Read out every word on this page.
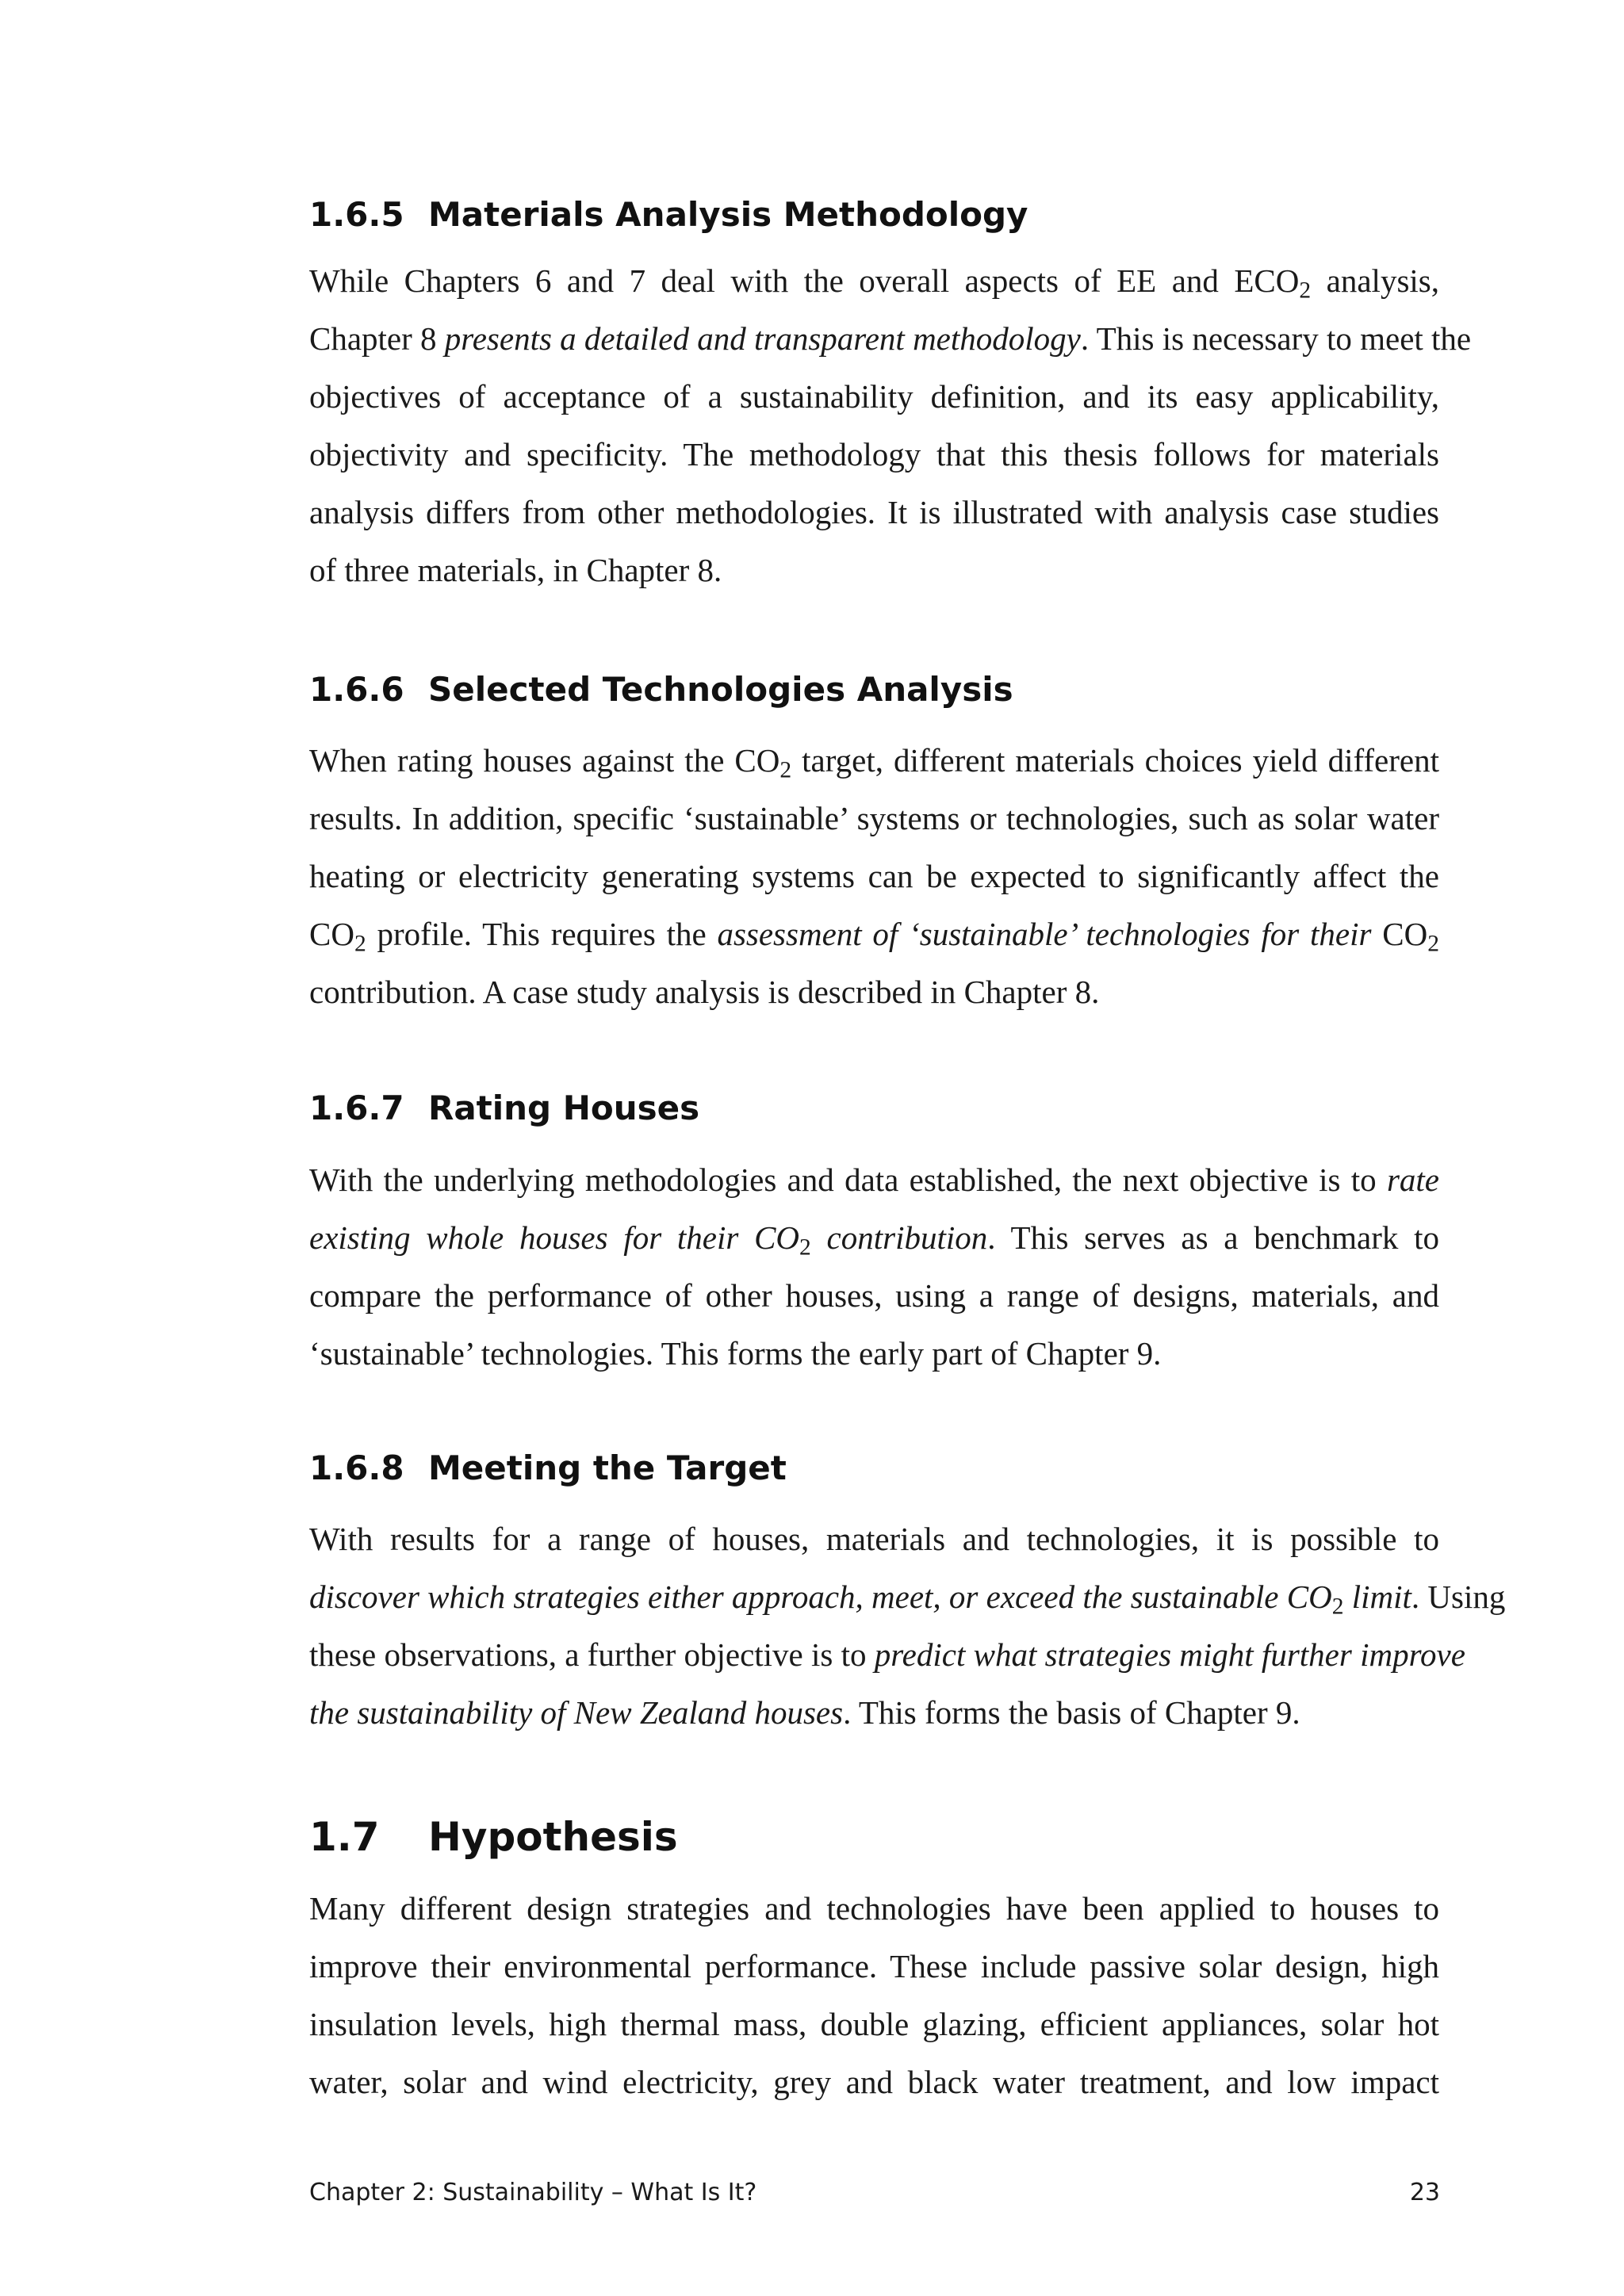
1.6.5 Materials Analysis Methodology
While Chapters 6 and 7 deal with the overall aspects of EE and $ECO_2$ analysis,
Chapter 8 presents a detailed and transparent methodology. This is necessary to meet the
objectives of acceptance of a sustainability definition, and its easy applicability,
objectivity and specificity. The methodology that this thesis follows for materials
analysis differs from other methodologies. It is illustrated with analysis case studies
of three materials, in Chapter 8.
1.6.6 Selected Technologies Analysis
When rating houses against the $CO_2$ target, different materials choices yield different
results. In addition, specific ‘sustainable’ systems or technologies, such as solar water
heating or electricity generating systems can be expected to significantly affect the
$CO_2$ profile. This requires the assessment of ‘sustainable’ technologies for their $CO_2$
contribution. A case study analysis is described in Chapter 8.
1.6.7 Rating Houses
With the underlying methodologies and data established, the next objective is to rate
existing whole houses for their $CO_2$ contribution. This serves as a benchmark to
compare the performance of other houses, using a range of designs, materials, and
‘sustainable’ technologies. This forms the early part of Chapter 9.
1.6.8 Meeting the Target
With results for a range of houses, materials and technologies, it is possible to
discover which strategies either approach, meet, or exceed the sustainable $CO_2$ limit. Using
these observations, a further objective is to predict what strategies might further improve
the sustainability of New Zealand houses. This forms the basis of Chapter 9.
1.7 Hypothesis
Many different design strategies and technologies have been applied to houses to
improve their environmental performance. These include passive solar design, high
insulation levels, high thermal mass, double glazing, efficient appliances, solar hot
water, solar and wind electricity, grey and black water treatment, and low impact

Chapter 2: Sustainability – What Is It?	23
